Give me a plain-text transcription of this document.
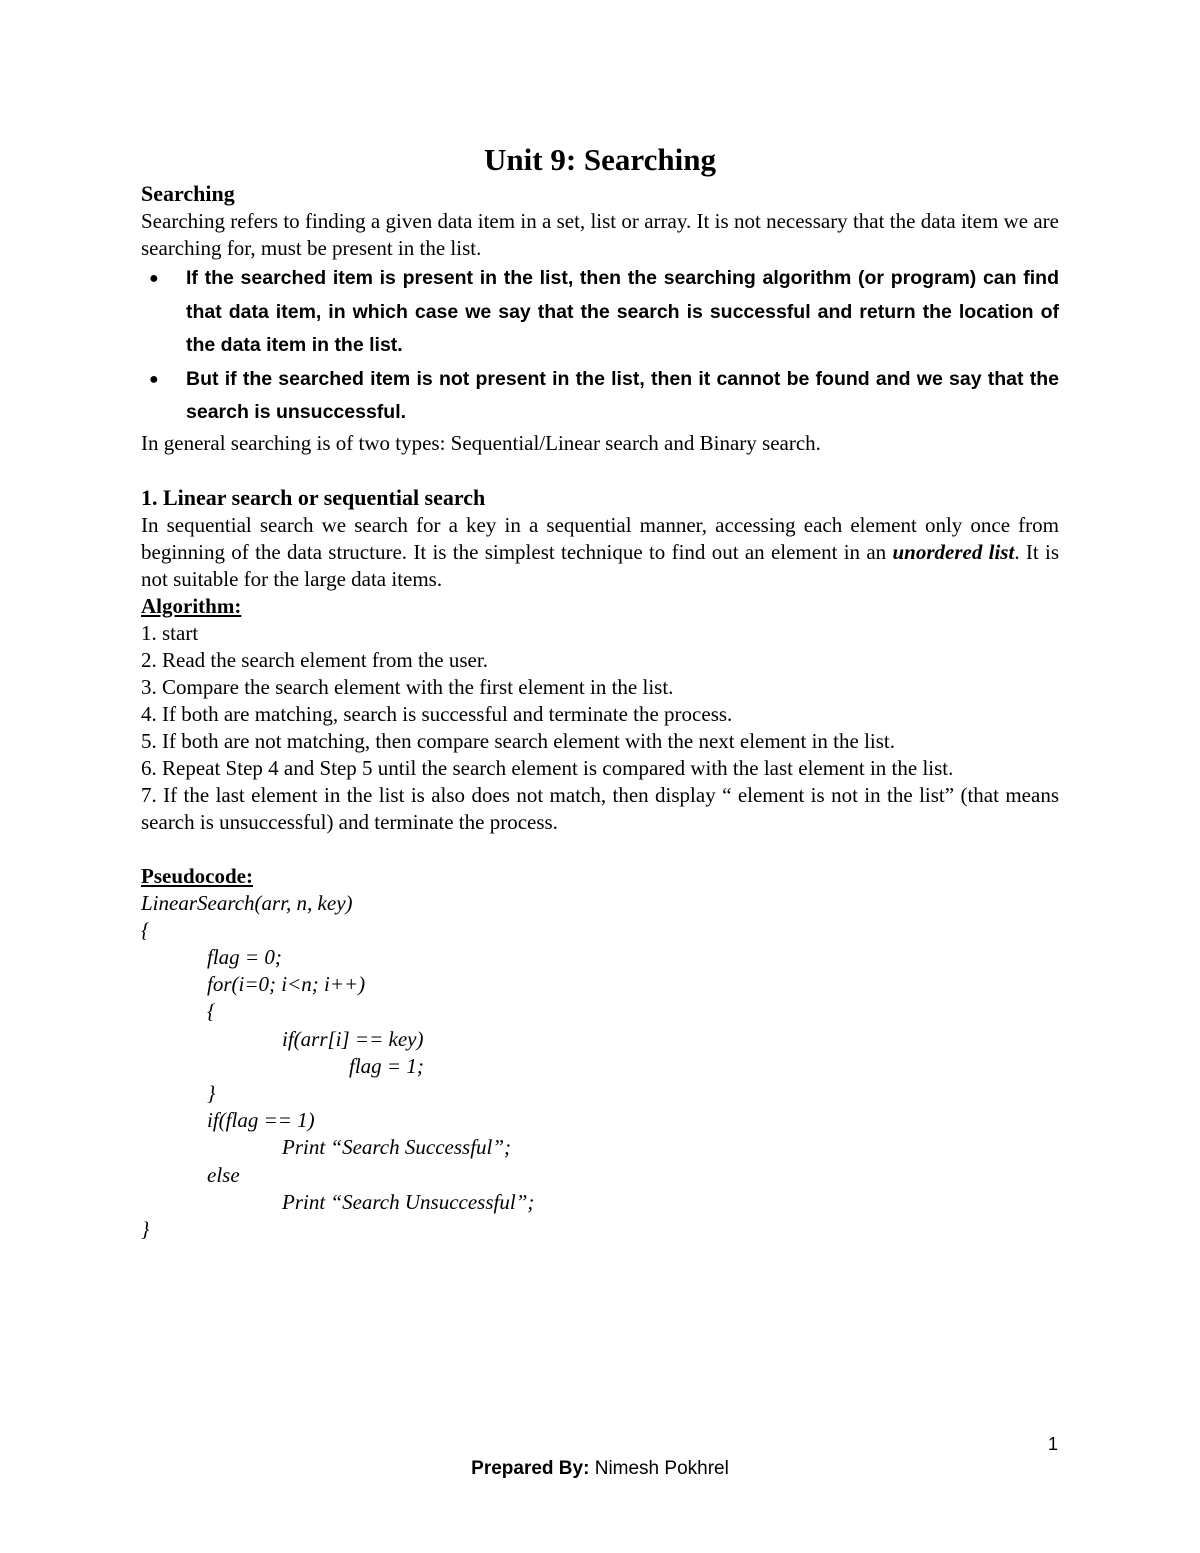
Unit 9: Searching
Searching

Searching refers to finding a given data item in a set, list or array. It is not necessary that the data item we are searching for, must be present in the list.

● If the searched item is present in the list, then the searching algorithm (or program) can find that data item, in which case we say that the search is successful and return the location of the data item in the list.
● But if the searched item is not present in the list, then it cannot be found and we say that the search is unsuccessful.

In general searching is of two types: Sequential/Linear search and Binary search.

1. Linear search or sequential search

In sequential search we search for a key in a sequential manner, accessing each element only once from beginning of the data structure. It is the simplest technique to find out an element in an unordered list. It is not suitable for the large data items.

Algorithm:
1. start
2. Read the search element from the user.
3. Compare the search element with the first element in the list.
4. If both are matching, search is successful and terminate the process.
5. If both are not matching, then compare search element with the next element in the list.
6. Repeat Step 4 and Step 5 until the search element is compared with the last element in the list.
7. If the last element in the list is also does not match, then display “ element is not in the list” (that means search is unsuccessful) and terminate the process.
Pseudocode:
LinearSearch(arr, n, key)
{
flag = 0;
for(i=0; i<n; i++)
{
if(arr[i] == key)
flag = 1;
}
if(flag == 1)
Print “Search Successful”;
else
Print “Search Unsuccessful”;
}
1
Prepared By: Nimesh Pokhrel
